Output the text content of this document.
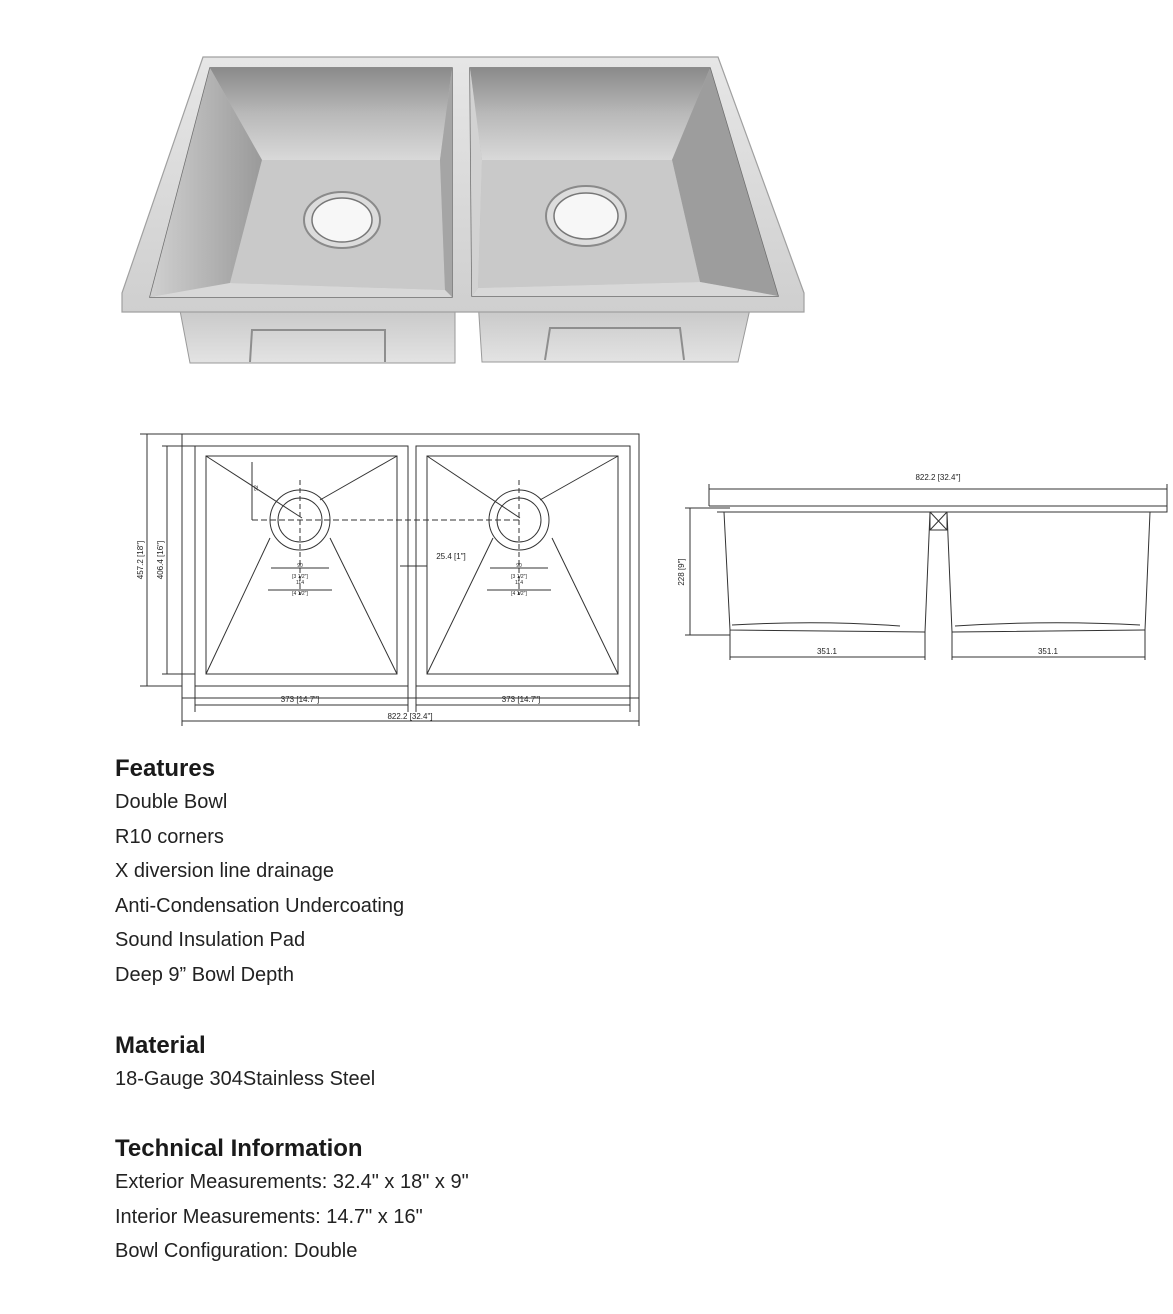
457.2 [18"] 406.4 [16"]
92
25.4 [1"]
90
[3 1/2"]
114
[4 1/2"]
90
[3 1/2"]
114
[4 1/2"]
373 [14.7"]	373 [14.7"]
822.2 [32.4"]
822.2 [32.4"]
228 [9"]
351.1	351.1
Features
Double Bowl
R10 corners
X diversion line drainage
Anti-Condensation Undercoating
Sound Insulation Pad
Deep 9” Bowl Depth
Material
18-Gauge 304Stainless Steel
Technical Information
Exterior Measurements: 32.4" x 18" x 9"
Interior Measurements: 14.7" x 16"
Bowl Configuration: Double
